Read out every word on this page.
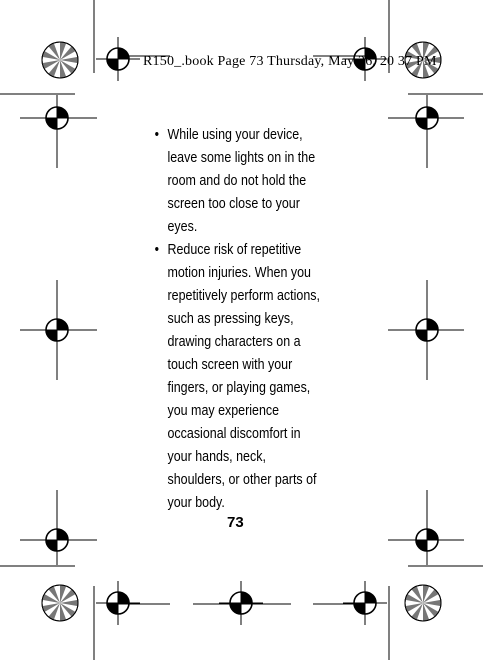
R150_.book Page 73 Thursday, May 26, 20 37 PM
• While using your device, leave some lights on in the room and do not hold the screen too close to your eyes.
• Reduce risk of repetitive motion injuries. When you repetitively perform actions, such as pressing keys, drawing characters on a touch screen with your fingers, or playing games, you may experience occasional discomfort in your hands, neck, shoulders, or other parts of your body.
73
